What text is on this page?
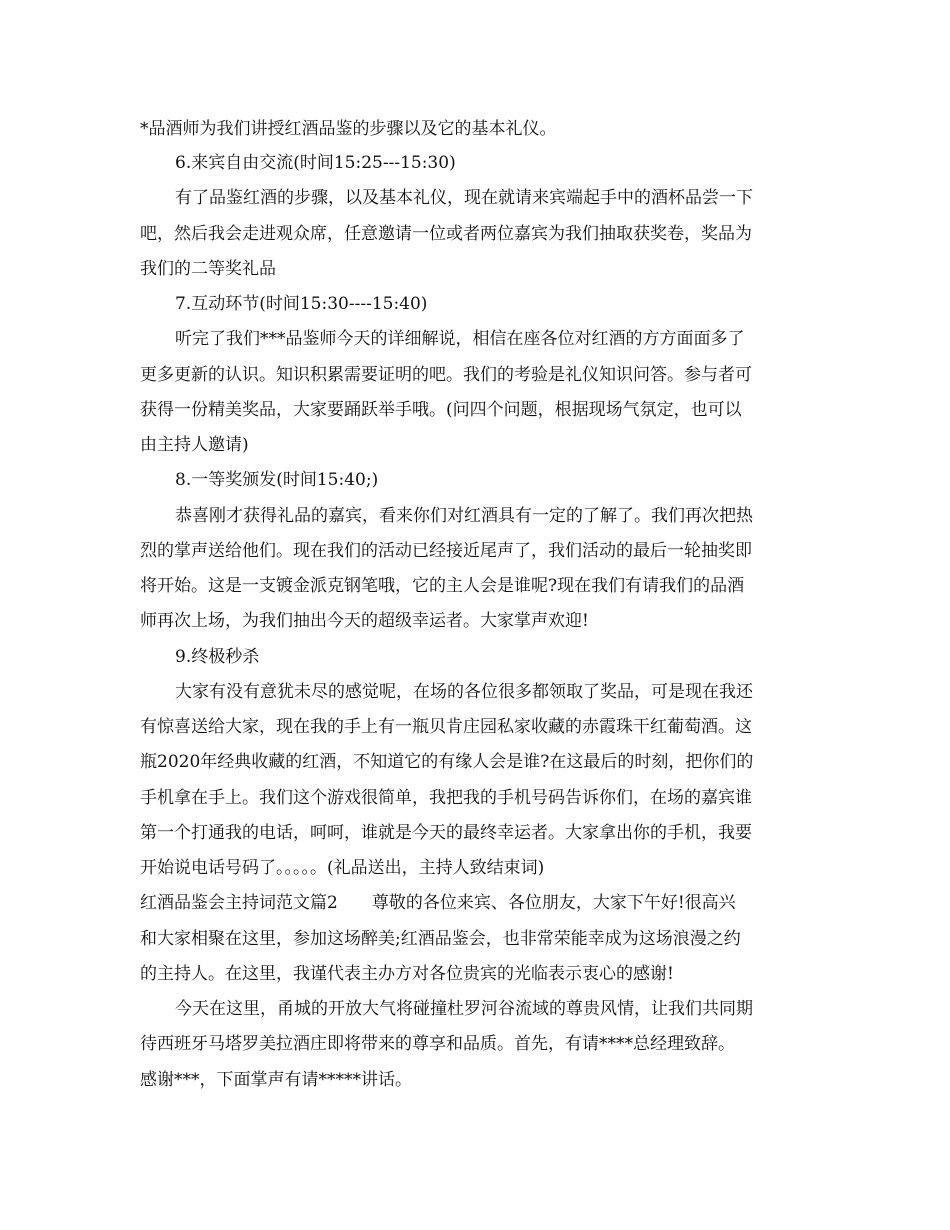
*品酒师为我们讲授红酒品鉴的步骤以及它的基本礼仪。
6.来宾自由交流(时间15:25---15:30)
有了品鉴红酒的步骤，以及基本礼仪，现在就请来宾端起手中的酒杯品尝一下
吧，然后我会走进观众席，任意邀请一位或者两位嘉宾为我们抽取获奖卷，奖品为
我们的二等奖礼品
7.互动环节(时间15:30----15:40)
听完了我们***品鉴师今天的详细解说，相信在座各位对红酒的方方面面多了
更多更新的认识。知识积累需要证明的吧。我们的考验是礼仪知识问答。参与者可
获得一份精美奖品，大家要踊跃举手哦。(问四个问题，根据现场气氛定，也可以
由主持人邀请)
8.一等奖颁发(时间15:40;)
恭喜刚才获得礼品的嘉宾，看来你们对红酒具有一定的了解了。我们再次把热
烈的掌声送给他们。现在我们的活动已经接近尾声了，我们活动的最后一轮抽奖即
将开始。这是一支镀金派克钢笔哦，它的主人会是谁呢?现在我们有请我们的品酒
师再次上场，为我们抽出今天的超级幸运者。大家掌声欢迎!
9.终极秒杀
大家有没有意犹未尽的感觉呢，在场的各位很多都领取了奖品，可是现在我还
有惊喜送给大家，现在我的手上有一瓶贝肯庄园私家收藏的赤霞珠干红葡萄酒。这
瓶2020年经典收藏的红酒，不知道它的有缘人会是谁?在这最后的时刻，把你们的
手机拿在手上。我们这个游戏很简单，我把我的手机号码告诉你们，在场的嘉宾谁
第一个打通我的电话，呵呵，谁就是今天的最终幸运者。大家拿出你的手机，我要
开始说电话号码了。。。。。(礼品送出，主持人致结束词)
红酒品鉴会主持词范文篇2　　尊敬的各位来宾、各位朋友，大家下午好!很高兴
和大家相聚在这里，参加这场醉美;红酒品鉴会，也非常荣能幸成为这场浪漫之约
的主持人。在这里，我谨代表主办方对各位贵宾的光临表示衷心的感谢!
今天在这里，甬城的开放大气将碰撞杜罗河谷流域的尊贵风情，让我们共同期
待西班牙马塔罗美拉酒庄即将带来的尊享和品质。首先，有请****总经理致辞。
感谢***，下面掌声有请*****讲话。
